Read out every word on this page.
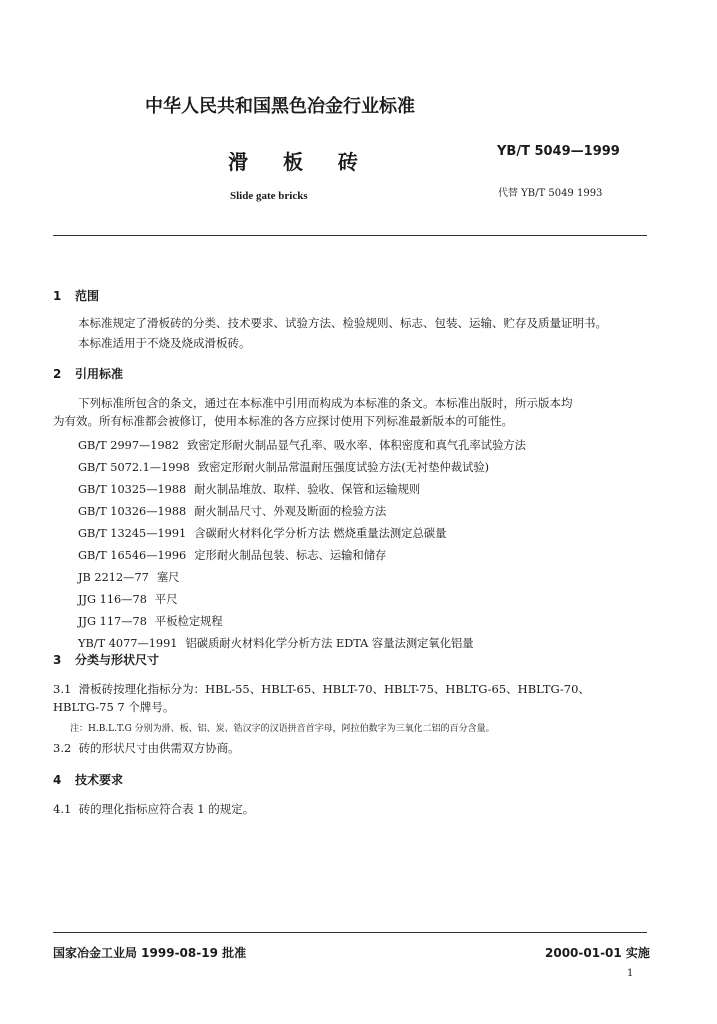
中华人民共和国黑色冶金行业标准
滑 板 砖	YB/T 5049—1999
Slide gate bricks	代替 YB/T 5049 1993
1 范围
本标准规定了滑板砖的分类、技术要求、试验方法、检验规则、标志、包装、运输、贮存及质量证明书。
本标准适用于不烧及烧成滑板砖。
2 引用标准
下列标准所包含的条文，通过在本标准中引用而构成为本标准的条文。本标准出版时，所示版本均
为有效。所有标准都会被修订，使用本标准的各方应探讨使用下列标准最新版本的可能性。
GB/T 2997—1982 致密定形耐火制品显气孔率、吸水率、体积密度和真气孔率试验方法
GB/T 5072.1—1998 致密定形耐火制品常温耐压强度试验方法(无衬垫仲裁试验)
GB/T 10325—1988 耐火制品堆放、取样、验收、保管和运输规则
GB/T 10326—1988 耐火制品尺寸、外观及断面的检验方法
GB/T 13245—1991 含碳耐火材料化学分析方法 燃烧重量法测定总碳量
GB/T 16546—1996 定形耐火制品包装、标志、运输和储存
JB 2212—77 塞尺
JJG 116—78 平尺
JJG 117—78 平板检定规程
YB/T 4077—1991 铝碳质耐火材料化学分析方法 EDTA 容量法测定氧化铝量
3 分类与形状尺寸
3.1 滑板砖按理化指标分为：HBL-55、HBLT-65、HBLT-70、HBLT-75、HBLTG-65、HBLTG-70、
HBLTG-75 7 个牌号。
注：H.B.L.T.G 分别为滑、板、铝、炭、锆汉字的汉语拼音首字母，阿拉伯数字为三氧化二铝的百分含量。
3.2 砖的形状尺寸由供需双方协商。
4 技术要求
4.1 砖的理化指标应符合表 1 的规定。
国家冶金工业局 1999-08-19 批准	2000-01-01 实施
1
